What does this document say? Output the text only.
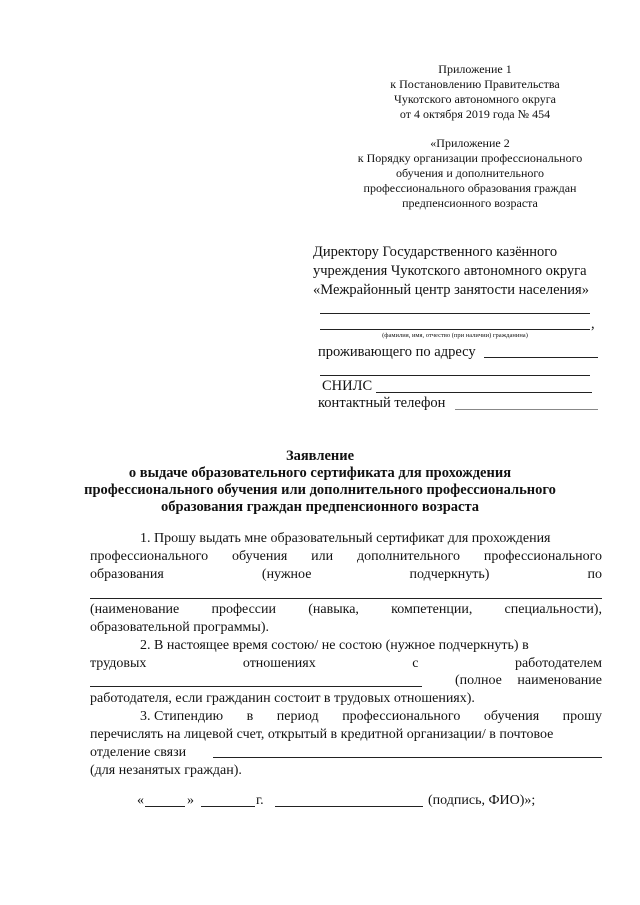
Приложение 1
к Постановлению Правительства
Чукотского автономного округа
от 4 октября 2019 года № 454
«Приложение 2
к Порядку организации профессионального
обучения и дополнительного
профессионального образования граждан
предпенсионного возраста
Директору Государственного казённого
учреждения Чукотского автономного округа
«Межрайонный центр занятости населения»
,
(фамилия, имя, отчество (при наличии) гражданина)
проживающего по адресу
СНИЛС
контактный телефон
Заявление
о выдаче образовательного сертификата для прохождения
профессионального обучения или дополнительного профессионального
образования граждан предпенсионного возраста
1. Прошу выдать мне образовательный сертификат для прохождения
профессионального обучения или дополнительного профессионального
образования	(нужное	подчеркнуть)	по
(наименование профессии (навыка, компетенции, специальности),
образовательной программы).
2. В настоящее время состою/ не состою (нужное подчеркнуть) в
трудовых	отношениях	с	работодателем
(полное наименование
работодателя, если гражданин состоит в трудовых отношениях).
3. Стипендию в период профессионального обучения прошу
перечислять на лицевой счет, открытый в кредитной организации/ в почтовое
отделение связи
(для незанятых граждан).
«	»	г.	(подпись, ФИО)»;
